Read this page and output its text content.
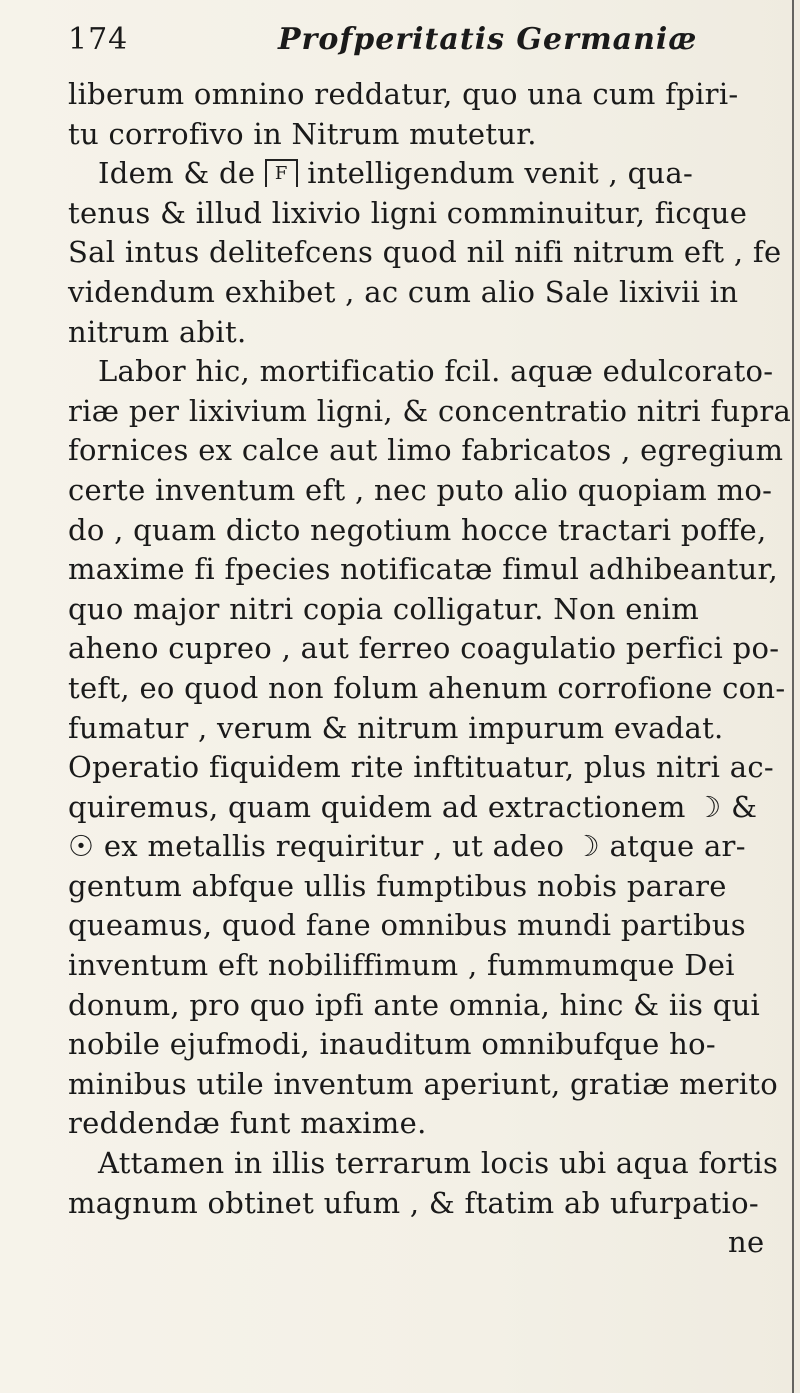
174	Profperitatis Germaniæ
liberum omnino reddatur, quo una cum fpiri-
tu corrofivo in Nitrum mutetur.
Idem & de F intelligendum venit , qua-
tenus & illud lixivio ligni comminuitur, ficque
Sal intus delitefcens quod nil nifi nitrum eft , fe
videndum exhibet , ac cum alio Sale lixivii in
nitrum abit.
Labor hic, mortificatio fcil. aquæ edulcorato-
riæ per lixivium ligni, & concentratio nitri fupra
fornices ex calce aut limo fabricatos , egregium
certe inventum eft , nec puto alio quopiam mo-
do , quam dicto negotium hocce tractari poffe,
maxime fi fpecies notificatæ fimul adhibeantur,
quo major nitri copia colligatur. Non enim
aheno cupreo , aut ferreo coagulatio perfici po-
teft, eo quod non folum ahenum corrofione con-
fumatur , verum & nitrum impurum evadat.
Operatio fiquidem rite inftituatur, plus nitri ac-
quiremus, quam quidem ad extractionem ☽ &
☉ ex metallis requiritur , ut adeo ☽ atque ar-
gentum abfque ullis fumptibus nobis parare
queamus, quod fane omnibus mundi partibus
inventum eft nobiliffimum , fummumque Dei
donum, pro quo ipfi ante omnia, hinc & iis qui
nobile ejufmodi, inauditum omnibufque ho-
minibus utile inventum aperiunt, gratiæ merito
reddendæ funt maxime.
Attamen in illis terrarum locis ubi aqua fortis
magnum obtinet ufum , & ftatim ab ufurpatio-
ne
